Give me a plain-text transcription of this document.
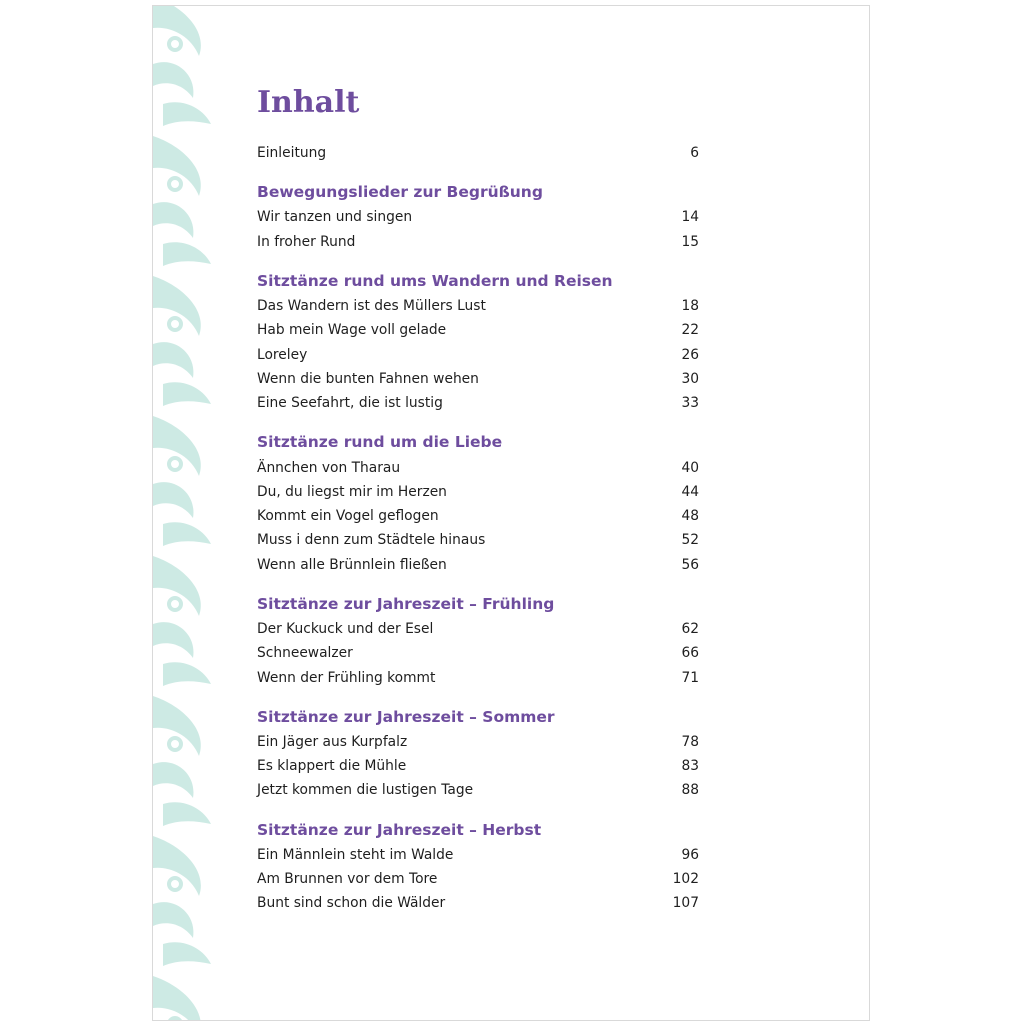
Inhalt
Einleitung	6
Bewegungslieder zur Begrüßung
Wir tanzen und singen	14
In froher Rund	15
Sitztänze rund ums Wandern und Reisen
Das Wandern ist des Müllers Lust	18
Hab mein Wage voll gelade	22
Loreley	26
Wenn die bunten Fahnen wehen	30
Eine Seefahrt, die ist lustig	33
Sitztänze rund um die Liebe
Ännchen von Tharau	40
Du, du liegst mir im Herzen	44
Kommt ein Vogel geflogen	48
Muss i denn zum Städtele hinaus	52
Wenn alle Brünnlein fließen	56
Sitztänze zur Jahreszeit – Frühling
Der Kuckuck und der Esel	62
Schneewalzer	66
Wenn der Frühling kommt	71
Sitztänze zur Jahreszeit – Sommer
Ein Jäger aus Kurpfalz	78
Es klappert die Mühle	83
Jetzt kommen die lustigen Tage	88
Sitztänze zur Jahreszeit – Herbst
Ein Männlein steht im Walde	96
Am Brunnen vor dem Tore	102
Bunt sind schon die Wälder	107
